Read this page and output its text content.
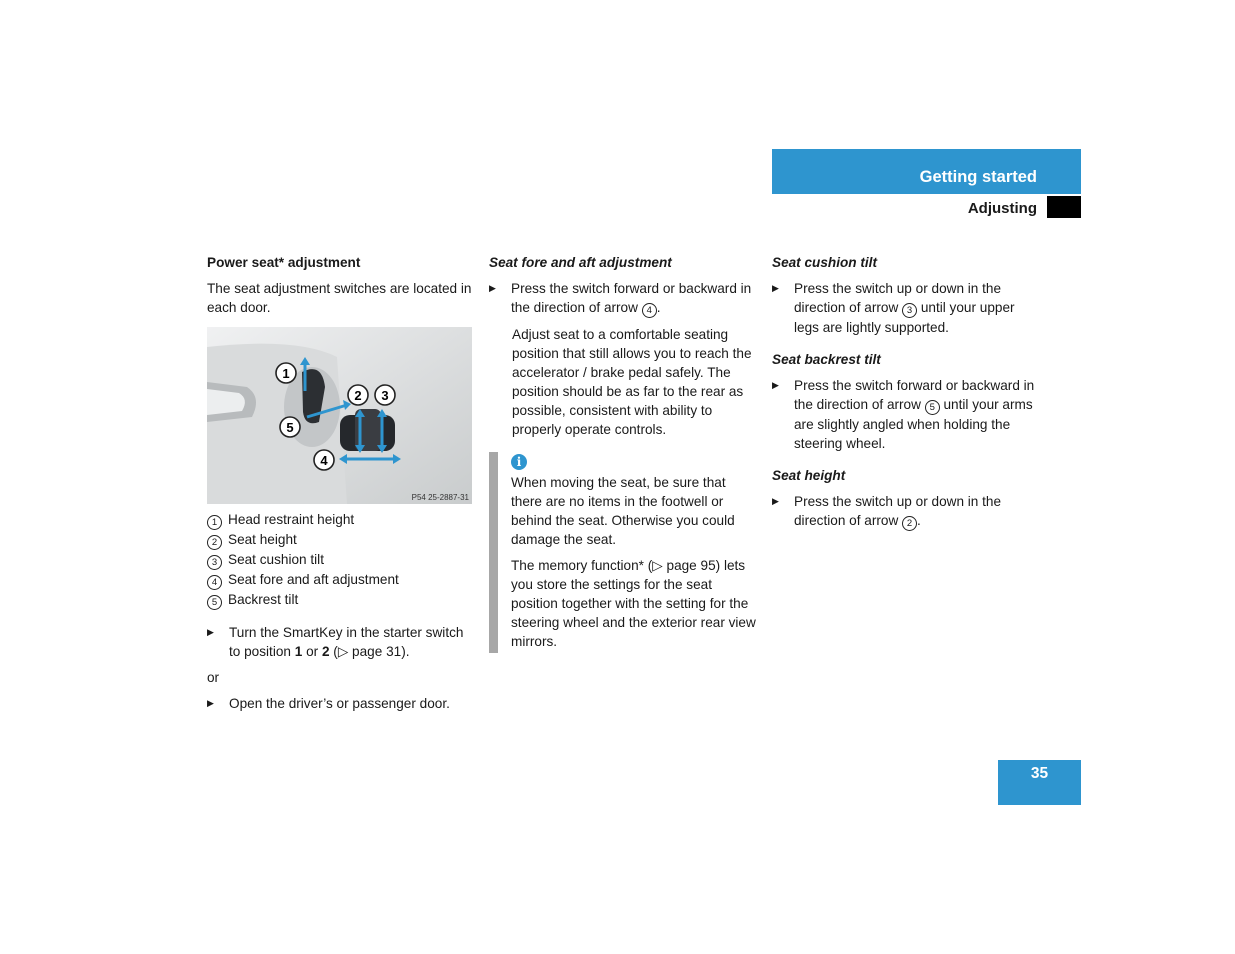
Getting started
Adjusting
Power seat* adjustment

The seat adjustment switches are located in each door.

1
2 3
4
5
P54 25-2887-31
1 Head restraint height
2 Seat height
3 Seat cushion tilt
4 Seat fore and aft adjustment
5 Backrest tilt
▶ Turn the SmartKey in the starter switch to position 1 or 2 (▷ page 31).

or

▶ Open the driver’s or passenger door.
Seat fore and aft adjustment
▶ Press the switch forward or backward in the direction of arrow 4 .

Adjust seat to a comfortable seating position that still allows you to reach the accelerator / brake pedal safely. The position should be as far to the rear as possible, consistent with ability to properly operate controls.

i

When moving the seat, be sure that there are no items in the footwell or behind the seat. Otherwise you could damage the seat.

The memory function* (▷ page 95) lets you store the settings for the seat position together with the setting for the steering wheel and the exterior rear view mirrors.

Seat cushion tilt
▶ Press the switch up or down in the direction of arrow 3 until your upper legs are lightly supported.
Seat backrest tilt
▶ Press the switch forward or backward in the direction of arrow 5 until your arms are slightly angled when holding the steering wheel.
Seat height
▶ Press the switch up or down in the direction of arrow 2 .
35
